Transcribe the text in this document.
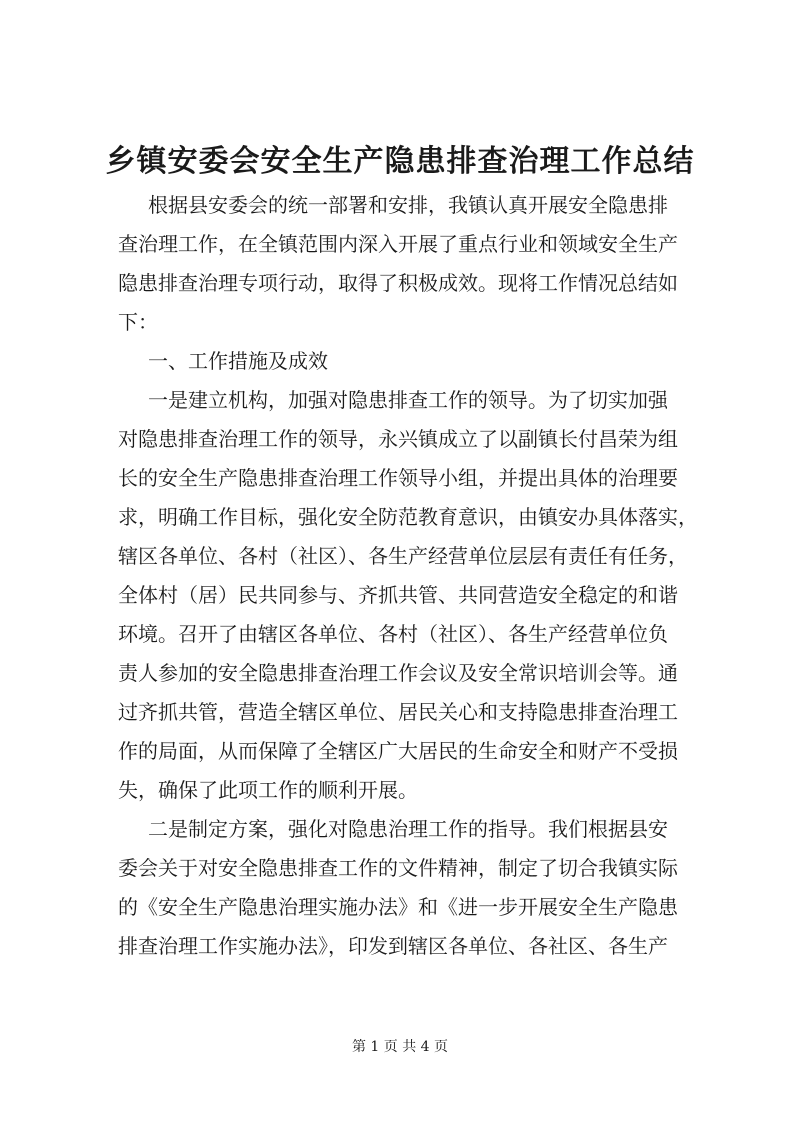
乡镇安委会安全生产隐患排查治理工作总结
根据县安委会的统一部署和安排，我镇认真开展安全隐患排
查治理工作，在全镇范围内深入开展了重点行业和领域安全生产
隐患排查治理专项行动，取得了积极成效。现将工作情况总结如
下：
一、工作措施及成效
一是建立机构，加强对隐患排查工作的领导。为了切实加强
对隐患排查治理工作的领导，永兴镇成立了以副镇长付昌荣为组
长的安全生产隐患排查治理工作领导小组，并提出具体的治理要
求，明确工作目标，强化安全防范教育意识，由镇安办具体落实，
辖区各单位、各村（社区）、各生产经营单位层层有责任有任务，
全体村（居）民共同参与、齐抓共管、共同营造安全稳定的和谐
环境。召开了由辖区各单位、各村（社区）、各生产经营单位负
责人参加的安全隐患排查治理工作会议及安全常识培训会等。通
过齐抓共管，营造全辖区单位、居民关心和支持隐患排查治理工
作的局面，从而保障了全辖区广大居民的生命安全和财产不受损
失，确保了此项工作的顺利开展。
二是制定方案，强化对隐患治理工作的指导。我们根据县安
委会关于对安全隐患排查工作的文件精神，制定了切合我镇实际
的《安全生产隐患治理实施办法》和《进一步开展安全生产隐患
排查治理工作实施办法》，印发到辖区各单位、各社区、各生产
第 1 页 共 4 页
